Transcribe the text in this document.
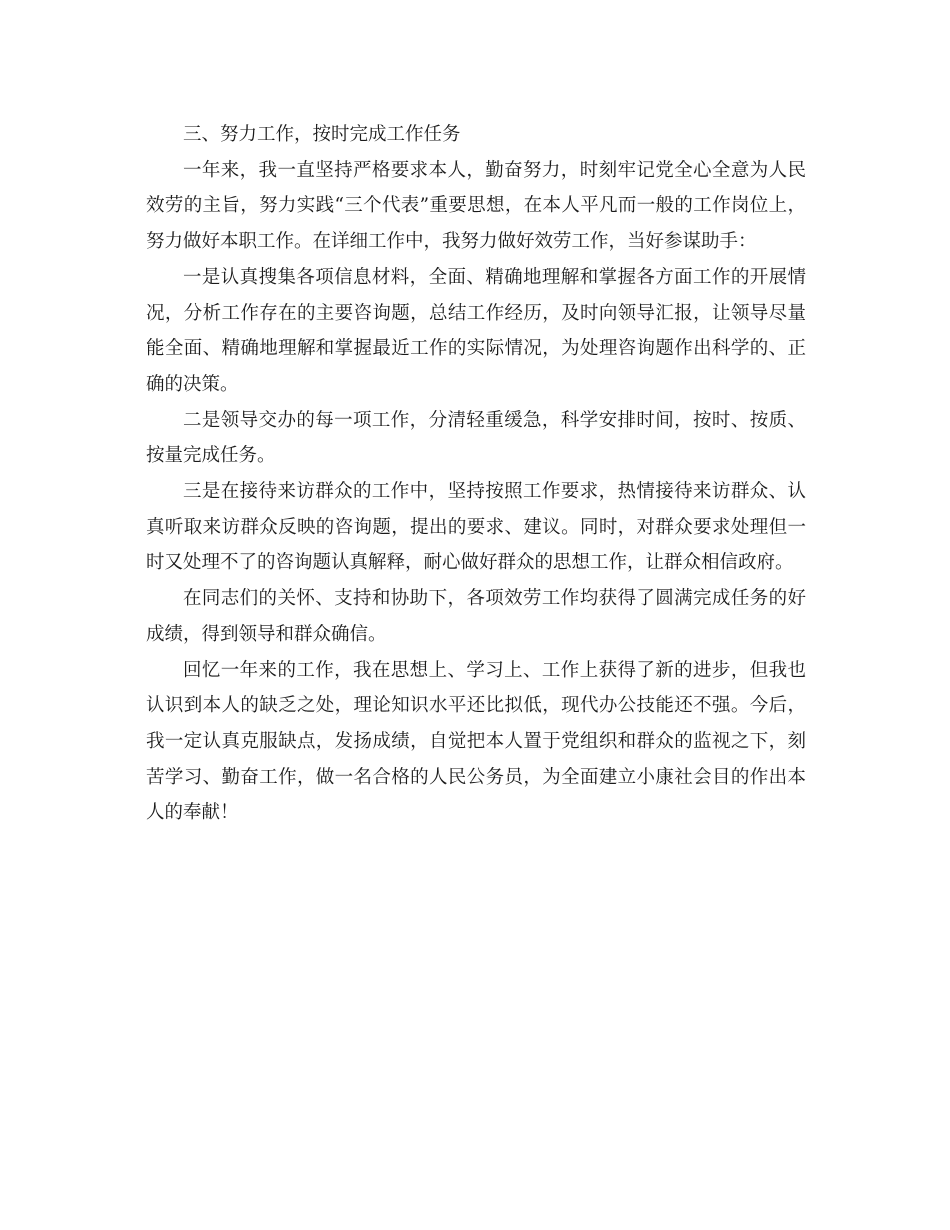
三、努力工作，按时完成工作任务

一年来，我一直坚持严格要求本人，勤奋努力，时刻牢记党全心全意为人民效劳的主旨，努力实践“三个代表”重要思想，在本人平凡而一般的工作岗位上，努力做好本职工作。在详细工作中，我努力做好效劳工作，当好参谋助手：

一是认真搜集各项信息材料，全面、精确地理解和掌握各方面工作的开展情况，分析工作存在的主要咨询题，总结工作经历，及时向领导汇报，让领导尽量能全面、精确地理解和掌握最近工作的实际情况，为处理咨询题作出科学的、正确的决策。

二是领导交办的每一项工作，分清轻重缓急，科学安排时间，按时、按质、按量完成任务。

三是在接待来访群众的工作中，坚持按照工作要求，热情接待来访群众、认真听取来访群众反映的咨询题，提出的要求、建议。同时，对群众要求处理但一时又处理不了的咨询题认真解释，耐心做好群众的思想工作，让群众相信政府。

在同志们的关怀、支持和协助下，各项效劳工作均获得了圆满完成任务的好成绩，得到领导和群众确信。

回忆一年来的工作，我在思想上、学习上、工作上获得了新的进步，但我也认识到本人的缺乏之处，理论知识水平还比拟低，现代办公技能还不强。今后，我一定认真克服缺点，发扬成绩，自觉把本人置于党组织和群众的监视之下，刻苦学习、勤奋工作，做一名合格的人民公务员，为全面建立小康社会目的作出本人的奉献！
